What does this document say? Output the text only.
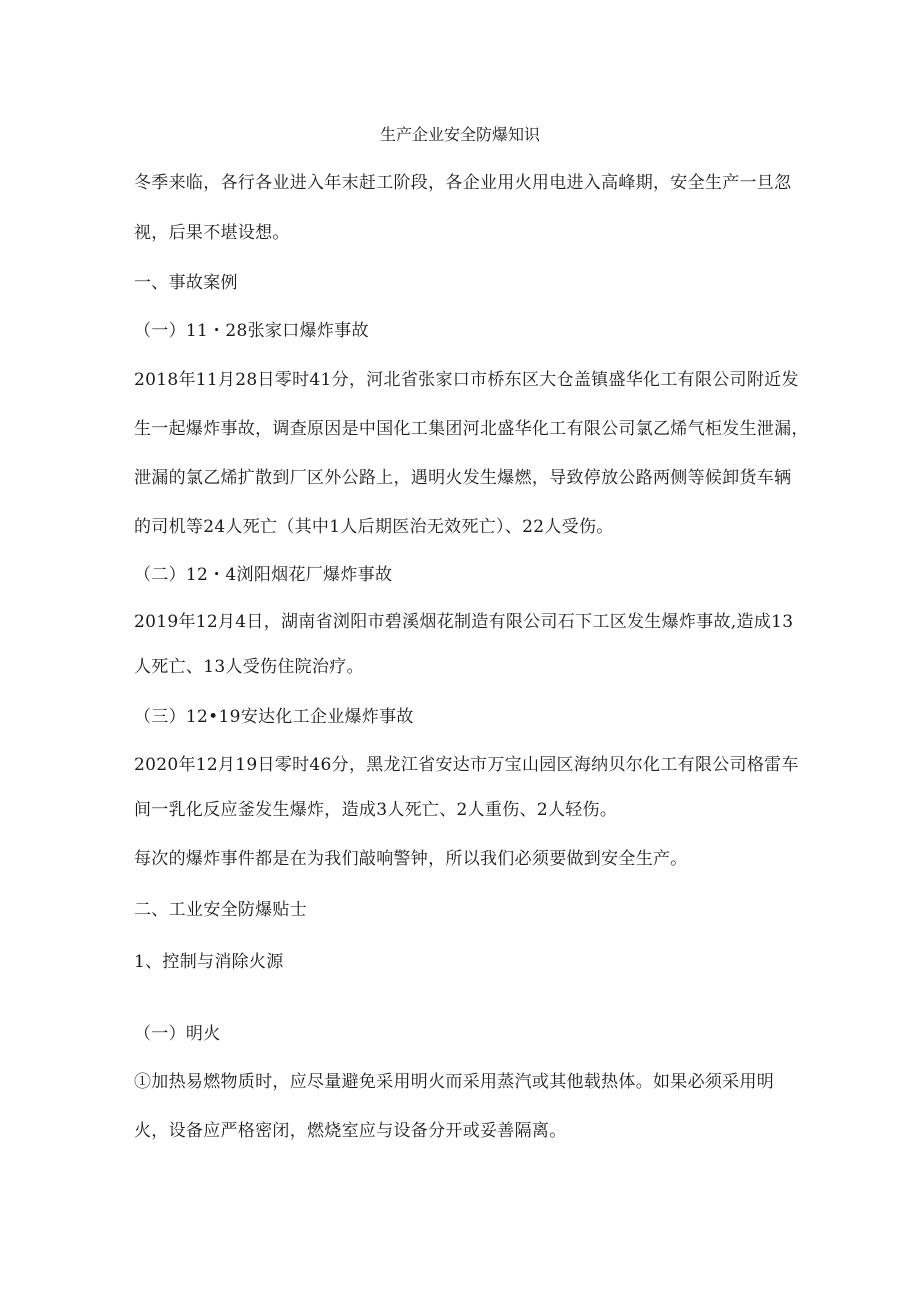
生产企业安全防爆知识
冬季来临，各行各业进入年末赶工阶段，各企业用火用电进入高峰期，安全生产一旦忽
视，后果不堪设想。
一、事故案例
（一）11・28张家口爆炸事故
2018年11月28日零时41分，河北省张家口市桥东区大仓盖镇盛华化工有限公司附近发
生一起爆炸事故，调查原因是中国化工集团河北盛华化工有限公司氯乙烯气柜发生泄漏，
泄漏的氯乙烯扩散到厂区外公路上，遇明火发生爆燃，导致停放公路两侧等候卸货车辆
的司机等24人死亡（其中1人后期医治无效死亡）、22人受伤。
（二）12・4浏阳烟花厂爆炸事故
2019年12月4日，湖南省浏阳市碧溪烟花制造有限公司石下工区发生爆炸事故,造成13
人死亡、13人受伤住院治疗。
（三）12•19安达化工企业爆炸事故
2020年12月19日零时46分，黑龙江省安达市万宝山园区海纳贝尔化工有限公司格雷车
间一乳化反应釜发生爆炸，造成3人死亡、2人重伤、2人轻伤。
每次的爆炸事件都是在为我们敲响警钟，所以我们必须要做到安全生产。
二、工业安全防爆贴士
1、控制与消除火源
（一）明火
①加热易燃物质时，应尽量避免采用明火而采用蒸汽或其他载热体。如果必须采用明
火，设备应严格密闭，燃烧室应与设备分开或妥善隔离。
